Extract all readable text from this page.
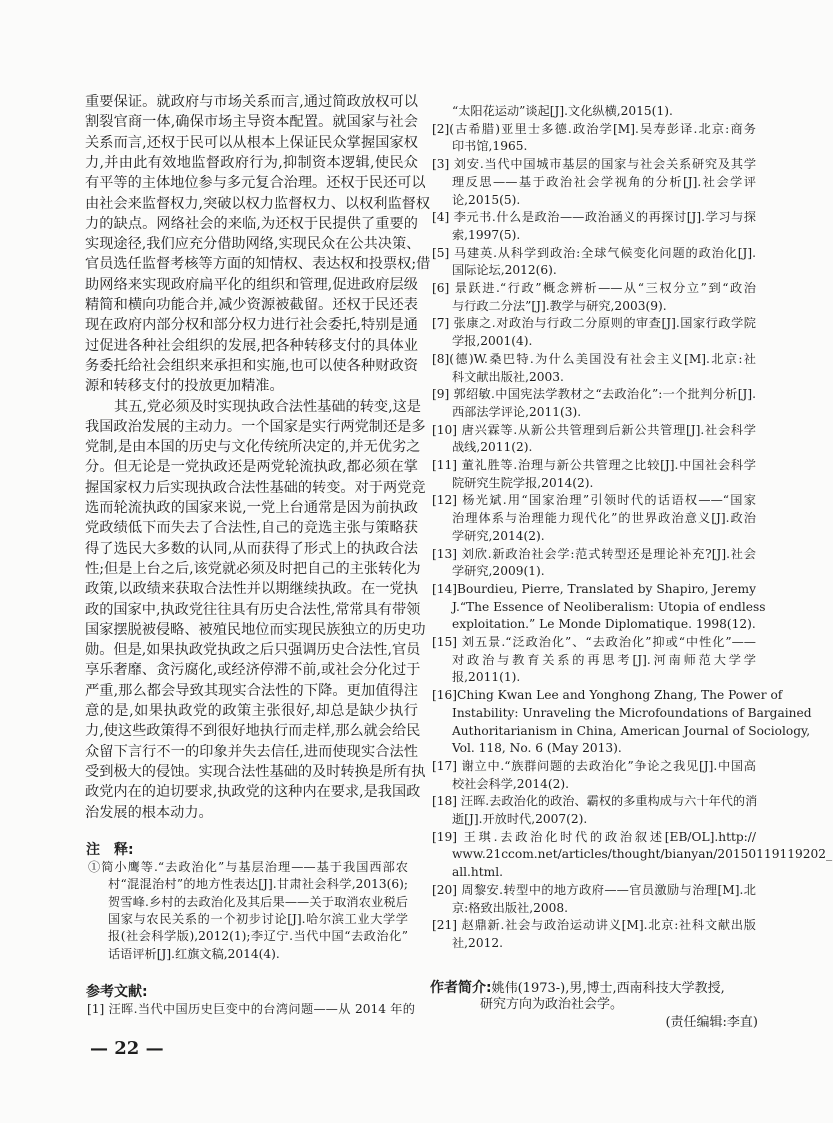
注　释:
参考文献:
— 22 —
作者简介:姚伟(1973-),男,博士,西南科技大学教授,
研究方向为政治社会学。
(责任编辑:李直)
重要保证。就政府与市场关系而言,通过简政放权可以
割裂官商一体,确保市场主导资本配置。就国家与社会
关系而言,还权于民可以从根本上保证民众掌握国家权
力,并由此有效地监督政府行为,抑制资本逻辑,使民众
有平等的主体地位参与多元复合治理。还权于民还可以
由社会来监督权力,突破以权力监督权力、以权利监督权
力的缺点。网络社会的来临,为还权于民提供了重要的
实现途径,我们应充分借助网络,实现民众在公共决策、
官员选任监督考核等方面的知情权、表达权和投票权;借
助网络来实现政府扁平化的组织和管理,促进政府层级
精简和横向功能合并,减少资源被截留。还权于民还表
现在政府内部分权和部分权力进行社会委托,特别是通
过促进各种社会组织的发展,把各种转移支付的具体业
务委托给社会组织来承担和实施,也可以使各种财政资
源和转移支付的投放更加精准。
其五,党必须及时实现执政合法性基础的转变,这是
我国政治发展的主动力。一个国家是实行两党制还是多
党制,是由本国的历史与文化传统所决定的,并无优劣之
分。但无论是一党执政还是两党轮流执政,都必须在掌
握国家权力后实现执政合法性基础的转变。对于两党竞
选而轮流执政的国家来说,一党上台通常是因为前执政
党政绩低下而失去了合法性,自己的竞选主张与策略获
得了选民大多数的认同,从而获得了形式上的执政合法
性;但是上台之后,该党就必须及时把自己的主张转化为
政策,以政绩来获取合法性并以期继续执政。在一党执
政的国家中,执政党往往具有历史合法性,常常具有带领
国家摆脱被侵略、被殖民地位而实现民族独立的历史功
勋。但是,如果执政党执政之后只强调历史合法性,官员
享乐奢靡、贪污腐化,或经济停滞不前,或社会分化过于
严重,那么都会导致其现实合法性的下降。更加值得注
意的是,如果执政党的政策主张很好,却总是缺少执行
力,使这些政策得不到很好地执行而走样,那么就会给民
众留下言行不一的印象并失去信任,进而使现实合法性
受到极大的侵蚀。实现合法性基础的及时转换是所有执
政党内在的迫切要求,执政党的这种内在要求,是我国政
治发展的根本动力。
①简小鹰等.“去政治化”与基层治理——基于我国西部农
村“混混治村”的地方性表达[J].甘肃社会科学,2013(6);
贺雪峰.乡村的去政治化及其后果——关于取消农业税后
国家与农民关系的一个初步讨论[J].哈尔滨工业大学学
报(社会科学版),2012(1);李辽宁.当代中国“去政治化”
话语评析[J].红旗文稿,2014(4).
[1] 汪晖.当代中国历史巨变中的台湾问题——从 2014 年的
“太阳花运动”谈起[J].文化纵横,2015(1).
[2](古希腊)亚里士多德.政治学[M].吴寿彭译.北京:商务
印书馆,1965.
[3] 刘安.当代中国城市基层的国家与社会关系研究及其学
理反思——基于政治社会学视角的分析[J].社会学评
论,2015(5).
[4] 李元书.什么是政治——政治涵义的再探讨[J].学习与探
索,1997(5).
[5] 马建英.从科学到政治:全球气候变化问题的政治化[J].
国际论坛,2012(6).
[6] 景跃进.“行政”概念辨析——从“三权分立”到“政治
与行政二分法”[J].教学与研究,2003(9).
[7] 张康之.对政治与行政二分原则的审查[J].国家行政学院
学报,2001(4).
[8](德)W.桑巴特.为什么美国没有社会主义[M].北京:社
科文献出版社,2003.
[9] 郭绍敏.中国宪法学教材之“去政治化”:一个批判分析[J].
西部法学评论,2011(3).
[10] 唐兴霖等.从新公共管理到后新公共管理[J].社会科学
战线,2011(2).
[11] 董礼胜等.治理与新公共管理之比较[J].中国社会科学
院研究生院学报,2014(2).
[12] 杨光斌.用“国家治理”引领时代的话语权——“国家
治理体系与治理能力现代化”的世界政治意义[J].政治
学研究,2014(2).
[13] 刘欣.新政治社会学:范式转型还是理论补充?[J].社会
学研究,2009(1).
[14]Bourdieu, Pierre, Translated by Shapiro, Jeremy
J.“The Essence of Neoliberalism: Utopia of endless
exploitation.” Le Monde Diplomatique. 1998(12).
[15] 刘五景.“泛政治化”、“去政治化”抑或“中性化”——
对政治与教育关系的再思考[J].河南师范大学学
报,2011(1).
[16]Ching Kwan Lee and Yonghong Zhang, The Power of
Instability: Unraveling the Microfoundations of Bargained
Authoritarianism in China, American Journal of Sociology,
Vol. 118, No. 6 (May 2013).
[17] 谢立中.“族群问题的去政治化”争论之我见[J].中国高
校社会科学,2014(2).
[18] 汪晖.去政治化的政治、霸权的多重构成与六十年代的消
逝[J].开放时代,2007(2).
[19] 王琪.去政治化时代的政治叙述[EB/OL].http://
www.21ccom.net/articles/thought/bianyan/20150119119202_
all.html.
[20] 周黎安.转型中的地方政府——官员激励与治理[M].北
京:格致出版社,2008.
[21] 赵鼎新.社会与政治运动讲义[M].北京:社科文献出版
社,2012.
